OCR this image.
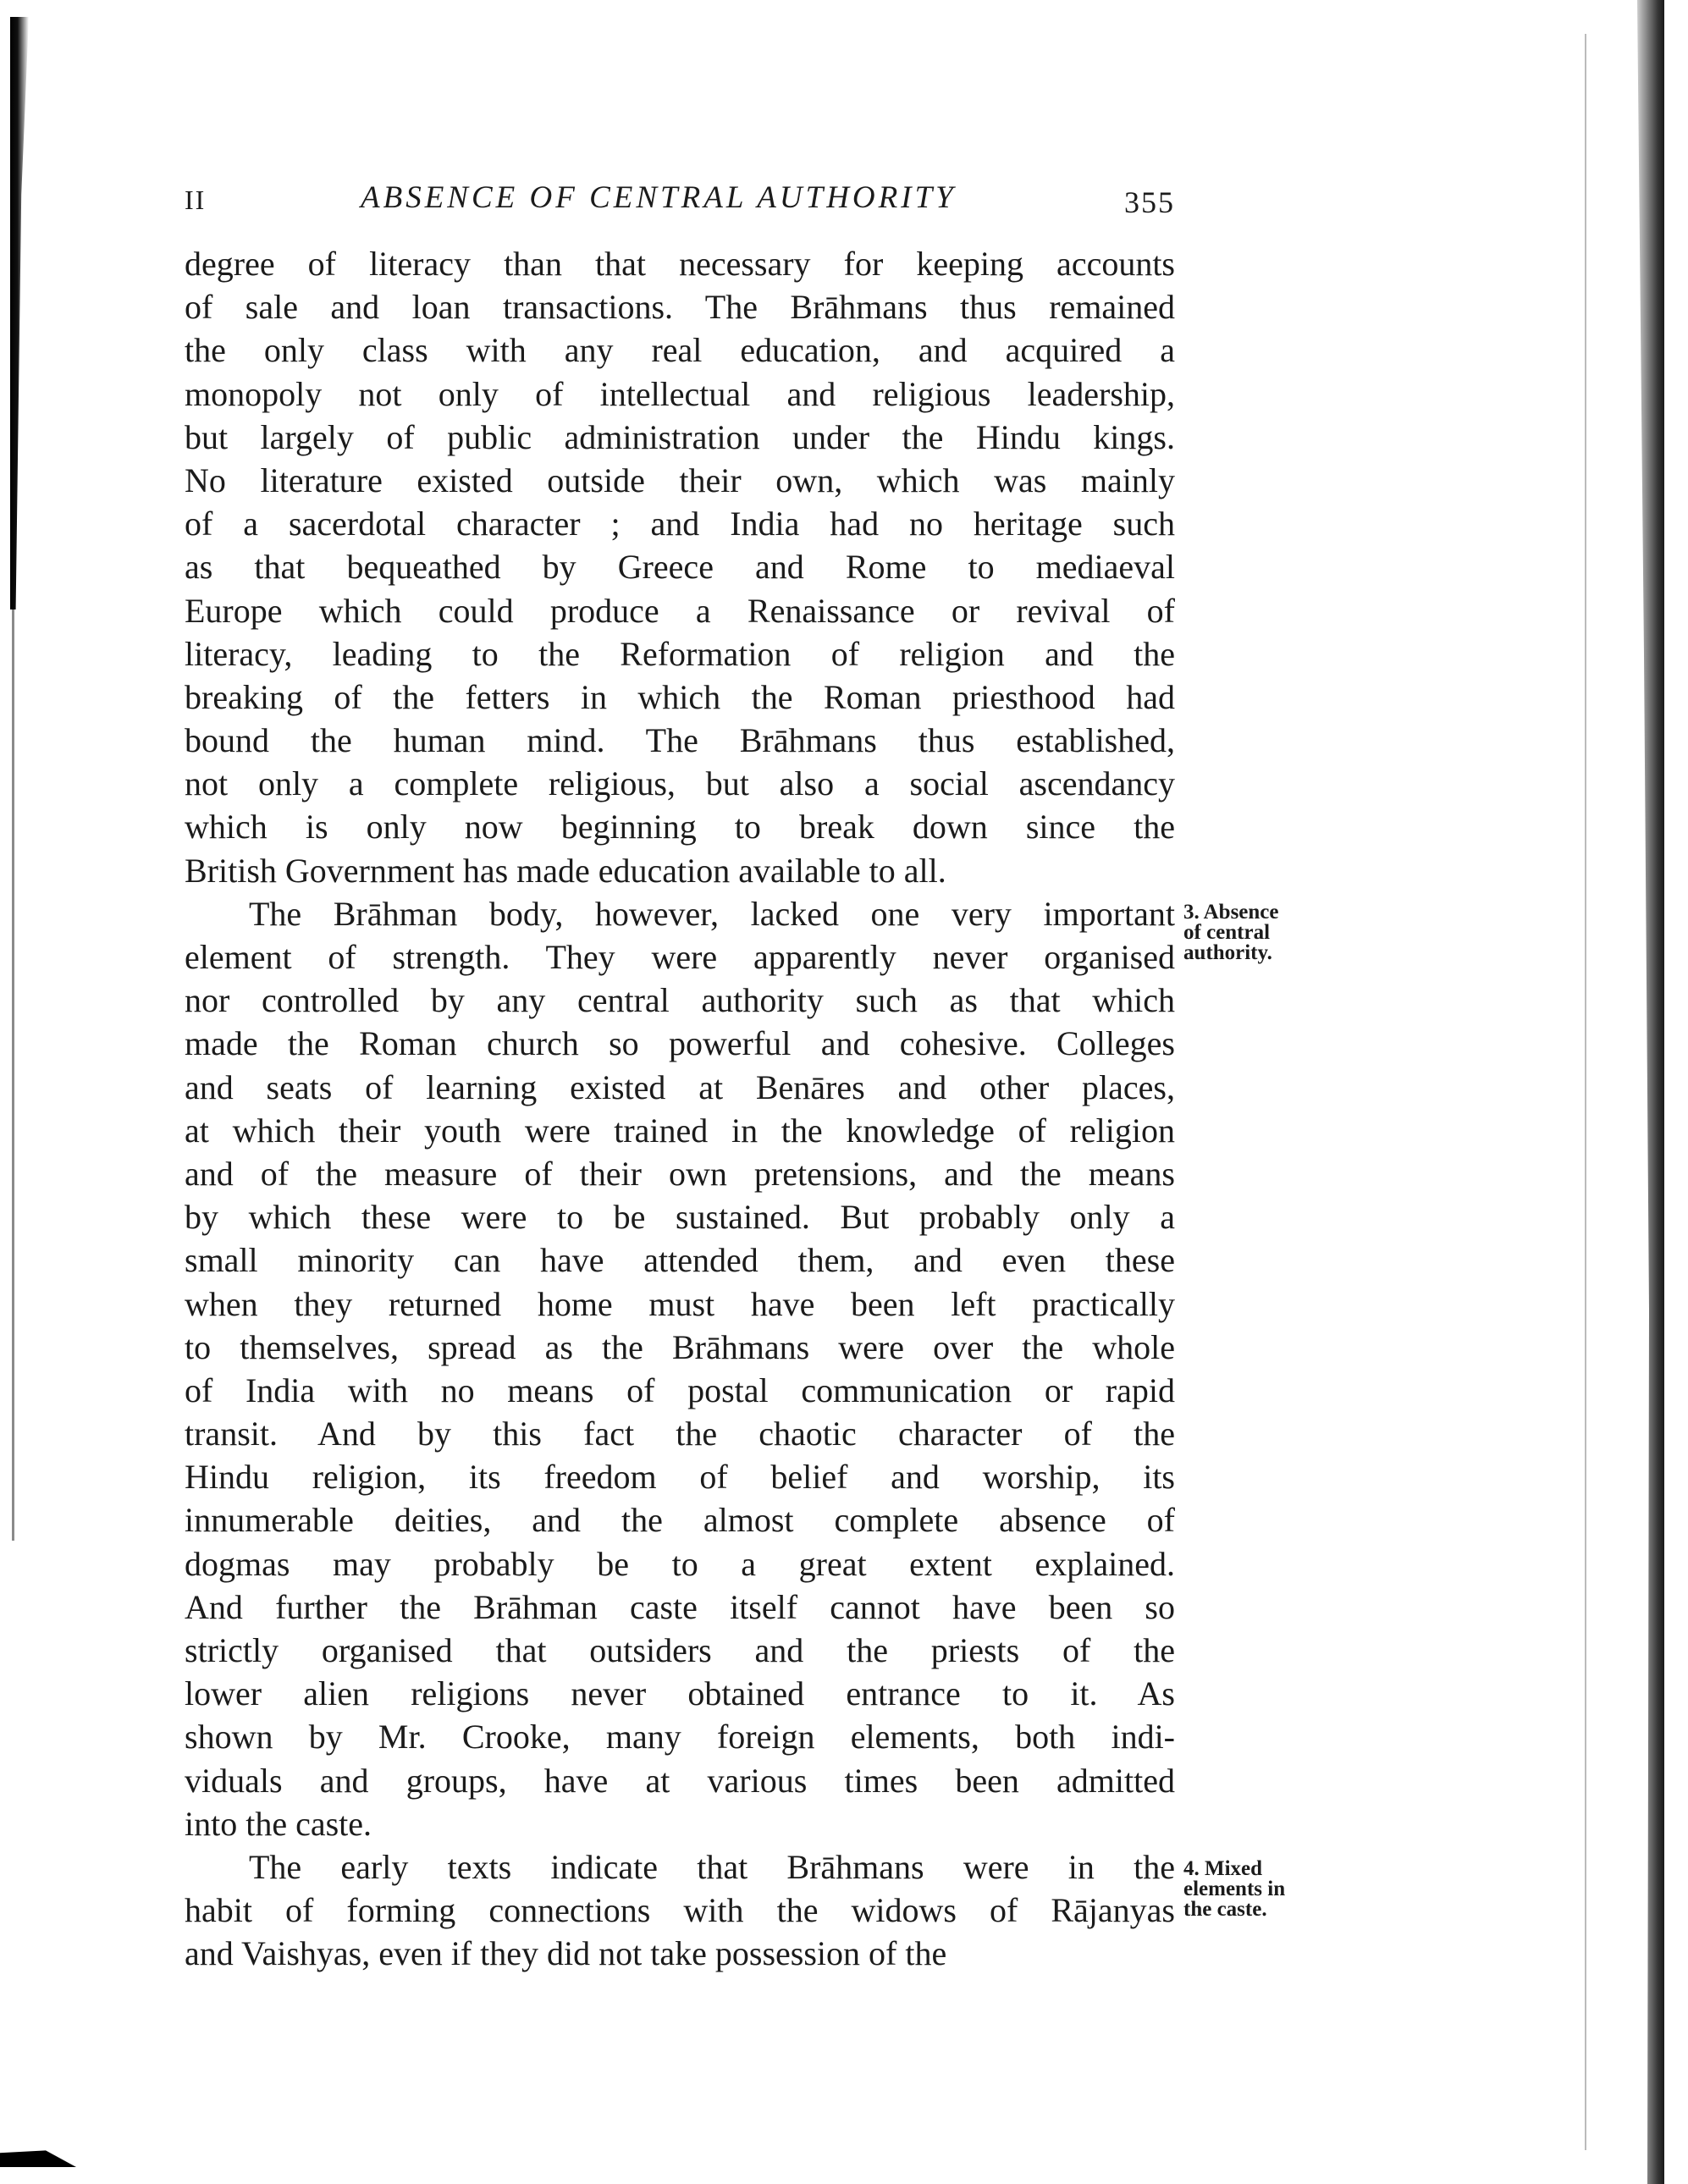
II	ABSENCE OF CENTRAL AUTHORITY	355
degree of literacy than that necessary for keeping accounts
of sale and loan transactions. The Brāhmans thus remained
the only class with any real education, and acquired a
monopoly not only of intellectual and religious leadership,
but largely of public administration under the Hindu kings.
No literature existed outside their own, which was mainly
of a sacerdotal character ; and India had no heritage such
as that bequeathed by Greece and Rome to mediaeval
Europe which could produce a Renaissance or revival of
literacy, leading to the Reformation of religion and the
breaking of the fetters in which the Roman priesthood had
bound the human mind. The Brāhmans thus established,
not only a complete religious, but also a social ascendancy
which is only now beginning to break down since the
British Government has made education available to all.
The Brāhman body, however, lacked one very important
element of strength. They were apparently never organised
nor controlled by any central authority such as that which
made the Roman church so powerful and cohesive. Colleges
and seats of learning existed at Benāres and other places,
at which their youth were trained in the knowledge of religion
and of the measure of their own pretensions, and the means
by which these were to be sustained. But probably only a
small minority can have attended them, and even these
when they returned home must have been left practically
to themselves, spread as the Brāhmans were over the whole
of India with no means of postal communication or rapid
transit. And by this fact the chaotic character of the
Hindu religion, its freedom of belief and worship, its
innumerable deities, and the almost complete absence of
dogmas may probably be to a great extent explained.
And further the Brāhman caste itself cannot have been so
strictly organised that outsiders and the priests of the
lower alien religions never obtained entrance to it. As
shown by Mr. Crooke, many foreign elements, both indi-
viduals and groups, have at various times been admitted
into the caste.
The early texts indicate that Brāhmans were in the
habit of forming connections with the widows of Rājanyas
and Vaishyas, even if they did not take possession of the
3. Absence
of central
authority.
4. Mixed
elements in
the caste.
